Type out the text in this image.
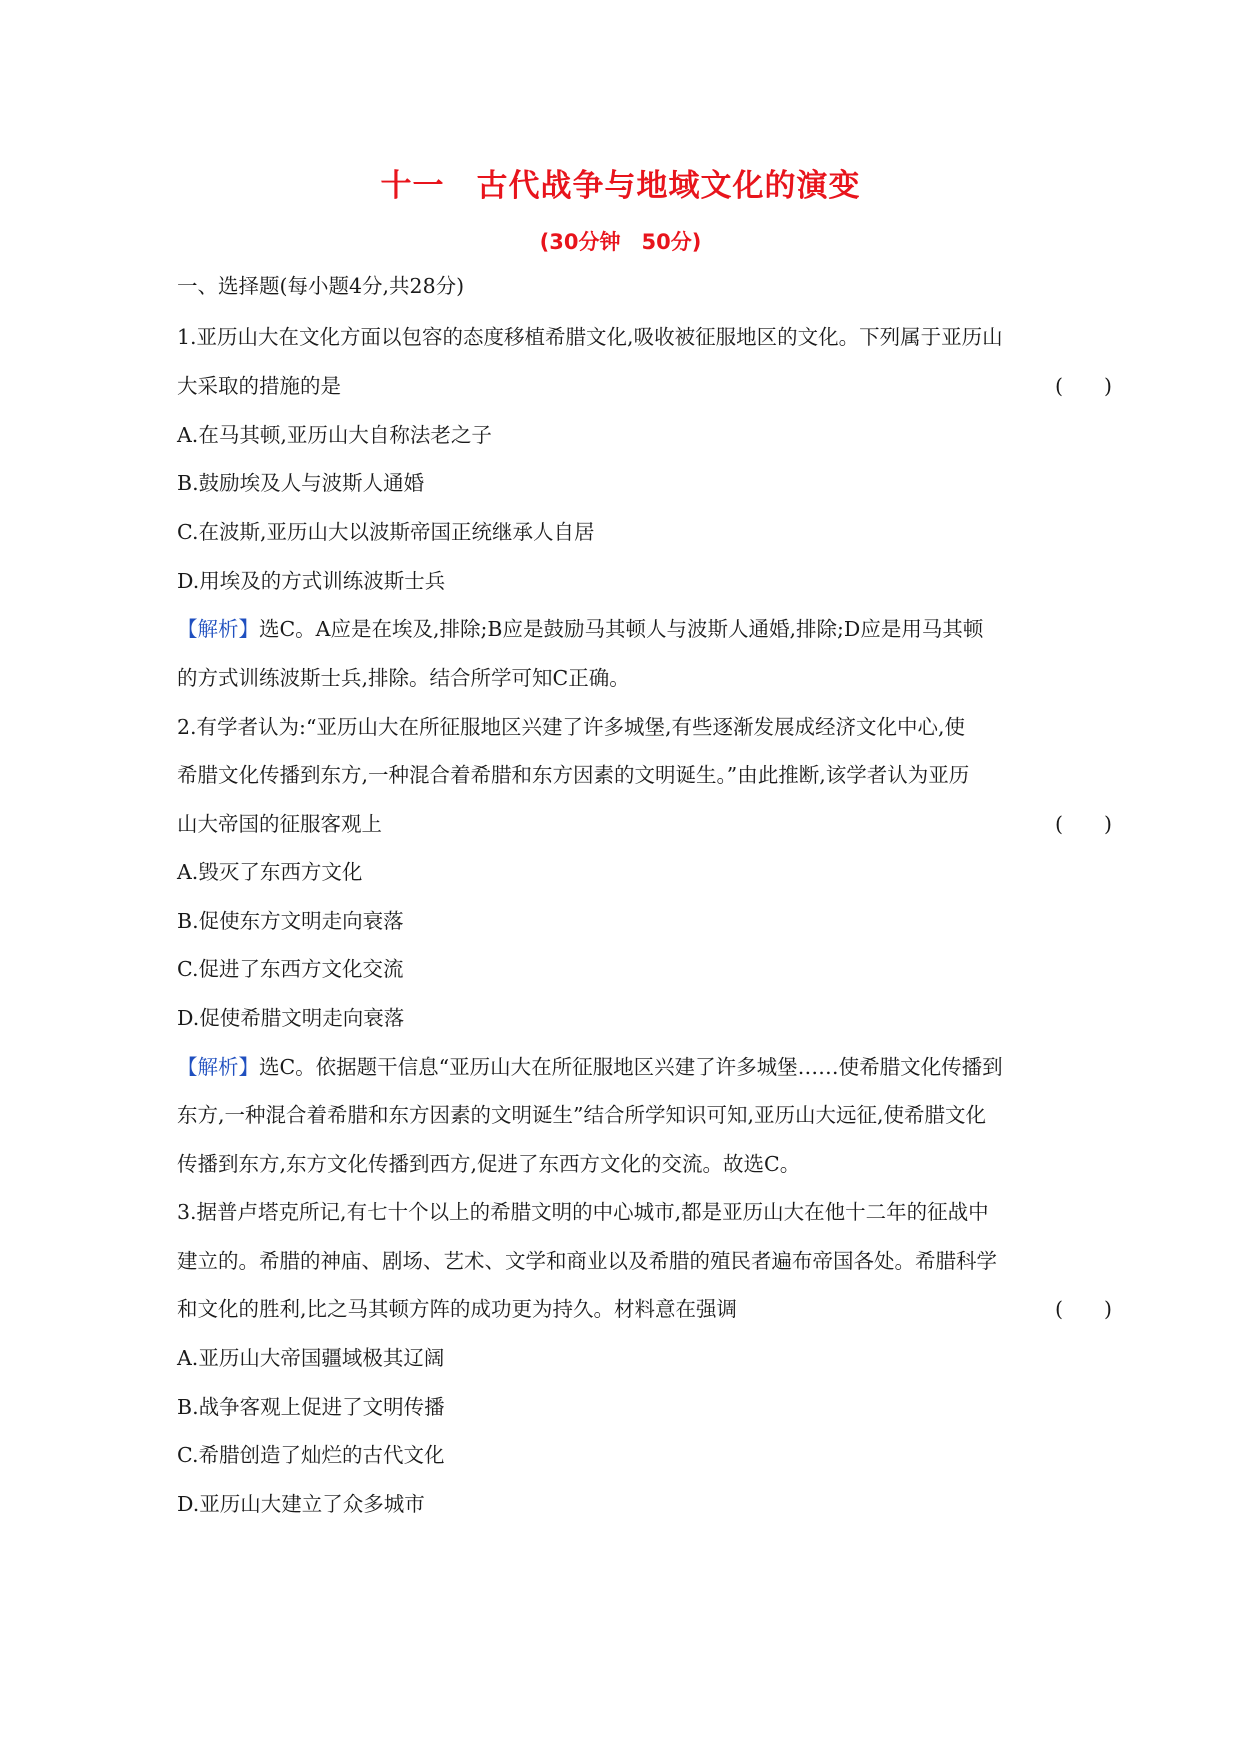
十一　古代战争与地域文化的演变
(30分钟　50分)
一、选择题(每小题4分,共28分)
1.亚历山大在文化方面以包容的态度移植希腊文化,吸收被征服地区的文化。下列属于亚历山
大采取的措施的是	(　　)
A.在马其顿,亚历山大自称法老之子
B.鼓励埃及人与波斯人通婚
C.在波斯,亚历山大以波斯帝国正统继承人自居
D.用埃及的方式训练波斯士兵
【解析】选C。A应是在埃及,排除;B应是鼓励马其顿人与波斯人通婚,排除;D应是用马其顿
的方式训练波斯士兵,排除。结合所学可知C正确。
2.有学者认为:“亚历山大在所征服地区兴建了许多城堡,有些逐渐发展成经济文化中心,使
希腊文化传播到东方,一种混合着希腊和东方因素的文明诞生。”由此推断,该学者认为亚历
山大帝国的征服客观上	(　　)
A.毁灭了东西方文化
B.促使东方文明走向衰落
C.促进了东西方文化交流
D.促使希腊文明走向衰落
【解析】选C。依据题干信息“亚历山大在所征服地区兴建了许多城堡……使希腊文化传播到
东方,一种混合着希腊和东方因素的文明诞生”结合所学知识可知,亚历山大远征,使希腊文化
传播到东方,东方文化传播到西方,促进了东西方文化的交流。故选C。
3.据普卢塔克所记,有七十个以上的希腊文明的中心城市,都是亚历山大在他十二年的征战中
建立的。希腊的神庙、剧场、艺术、文学和商业以及希腊的殖民者遍布帝国各处。希腊科学
和文化的胜利,比之马其顿方阵的成功更为持久。材料意在强调	(　　)
A.亚历山大帝国疆域极其辽阔
B.战争客观上促进了文明传播
C.希腊创造了灿烂的古代文化
D.亚历山大建立了众多城市
